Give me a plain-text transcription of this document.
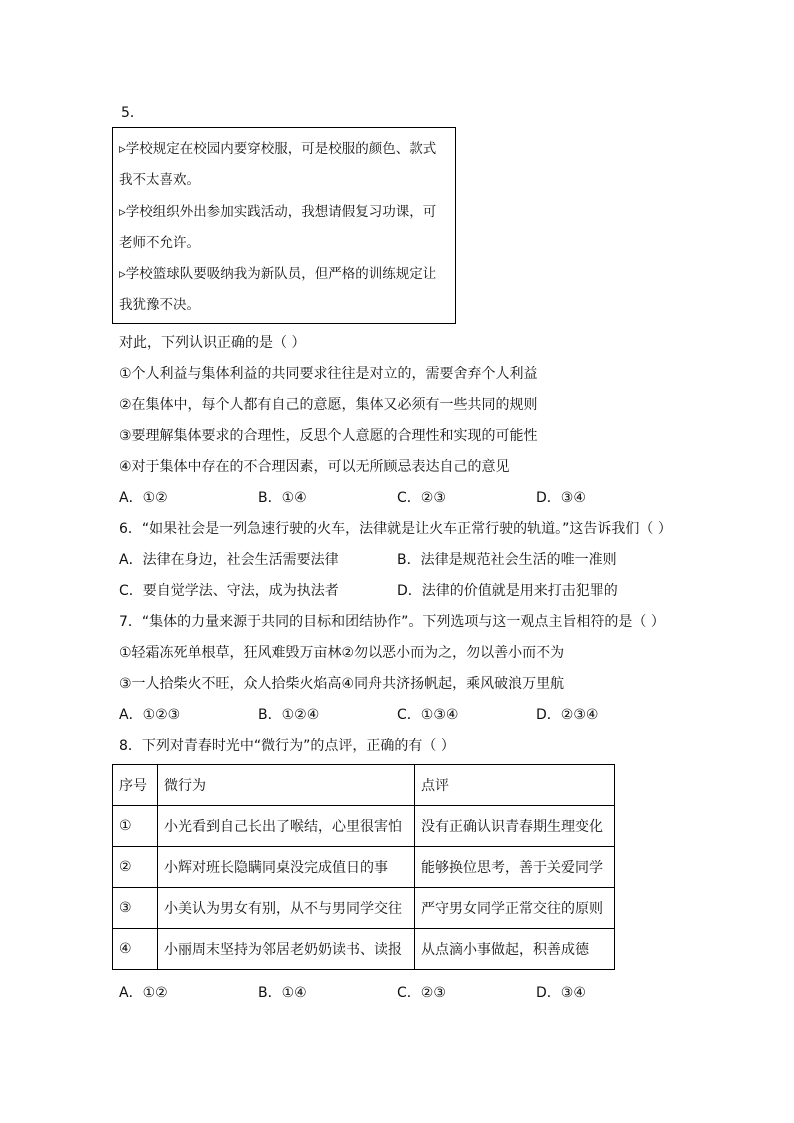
5．
▹学校规定在校园内要穿校服，可是校服的颜色、款式
我不太喜欢。
▹学校组织外出参加实践活动，我想请假复习功课，可
老师不允许。
▹学校篮球队要吸纳我为新队员，但严格的训练规定让
我犹豫不决。
对此，下列认识正确的是（ ）
①个人利益与集体利益的共同要求往往是对立的，需要舍弃个人利益
②在集体中，每个人都有自己的意愿，集体又必须有一些共同的规则
③要理解集体要求的合理性，反思个人意愿的合理性和实现的可能性
④对于集体中存在的不合理因素，可以无所顾忌表达自己的意见
A．①②	B．①④	C．②③	D．③④
6．“如果社会是一列急速行驶的火车，法律就是让火车正常行驶的轨道。”这告诉我们（ ）
A．法律在身边，社会生活需要法律	B．法律是规范社会生活的唯一准则
C．要自觉学法、守法，成为执法者	D．法律的价值就是用来打击犯罪的
7．“集体的力量来源于共同的目标和团结协作”。下列选项与这一观点主旨相符的是（ ）
①轻霜冻死单根草，狂风难毁万亩林②勿以恶小而为之，勿以善小而不为
③一人拾柴火不旺，众人拾柴火焰高④同舟共济扬帆起，乘风破浪万里航
A．①②③	B．①②④	C．①③④	D．②③④
8．下列对青春时光中“微行为”的点评，正确的有（ ）
序号	微行为	点评
①	小光看到自己长出了喉结，心里很害怕	没有正确认识青春期生理变化
②	小辉对班长隐瞒同桌没完成值日的事	能够换位思考，善于关爱同学
③	小美认为男女有别，从不与男同学交往	严守男女同学正常交往的原则
④	小丽周末坚持为邻居老奶奶读书、读报	从点滴小事做起，积善成德
A．①②	B．①④	C．②③	D．③④
